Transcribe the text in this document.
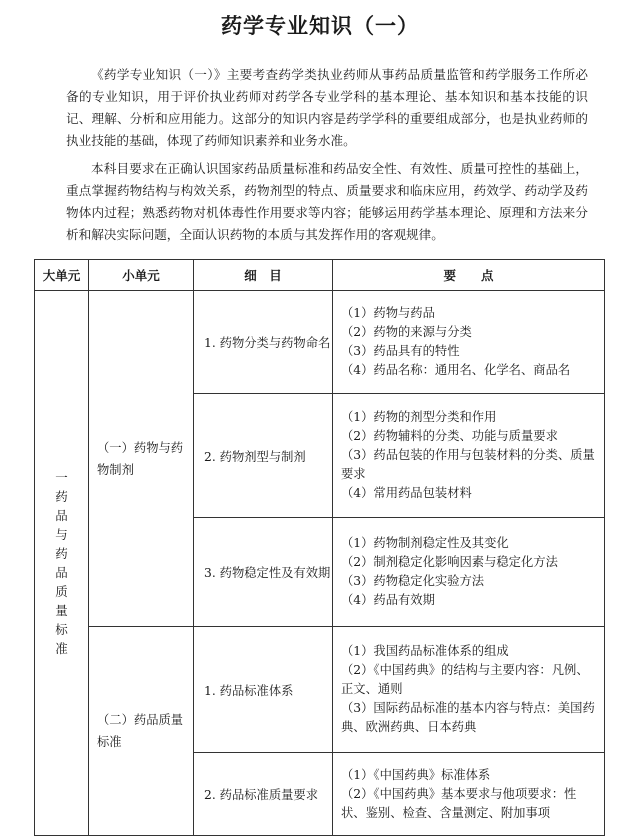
药学专业知识（一）
《药学专业知识（一）》主要考查药学类执业药师从事药品质量监管和药学服务工作所必备的专业知识，用于评价执业药师对药学各专业学科的基本理论、基本知识和基本技能的识记、理解、分析和应用能力。这部分的知识内容是药学学科的重要组成部分，也是执业药师的执业技能的基础，体现了药师知识素养和业务水准。
本科目要求在正确认识国家药品质量标准和药品安全性、有效性、质量可控性的基础上，重点掌握药物结构与构效关系，药物剂型的特点、质量要求和临床应用，药效学、药动学及药物体内过程；熟悉药物对机体毒性作用要求等内容；能够运用药学基本理论、原理和方法来分析和解决实际问题，全面认识药物的本质与其发挥作用的客观规律。
大单元	小单元	细　目	要　　点
一药品与药品质量标准	（一）药物与药物制剂	1. 药物分类与药物命名	（1）药物与药品
（2）药物的来源与分类
（3）药品具有的特性
（4）药品名称：通用名、化学名、商品名

		2. 药物剂型与制剂	（1）药物的剂型分类和作用
（2）药物辅料的分类、功能与质量要求
（3）药品包装的作用与包装材料的分类、质量要求
（4）常用药品包装材料

		3. 药物稳定性及有效期	（1）药物制剂稳定性及其变化
（2）制剂稳定化影响因素与稳定化方法
（3）药物稳定化实验方法
（4）药品有效期

	（二）药品质量标准	1. 药品标准体系	（1）我国药品标准体系的组成
（2）《中国药典》的结构与主要内容：凡例、正文、通则
（3）国际药品标准的基本内容与特点：美国药典、欧洲药典、日本药典

		2. 药品标准质量要求	（1）《中国药典》标准体系
（2）《中国药典》基本要求与他项要求：性状、鉴别、检查、含量测定、附加事项
